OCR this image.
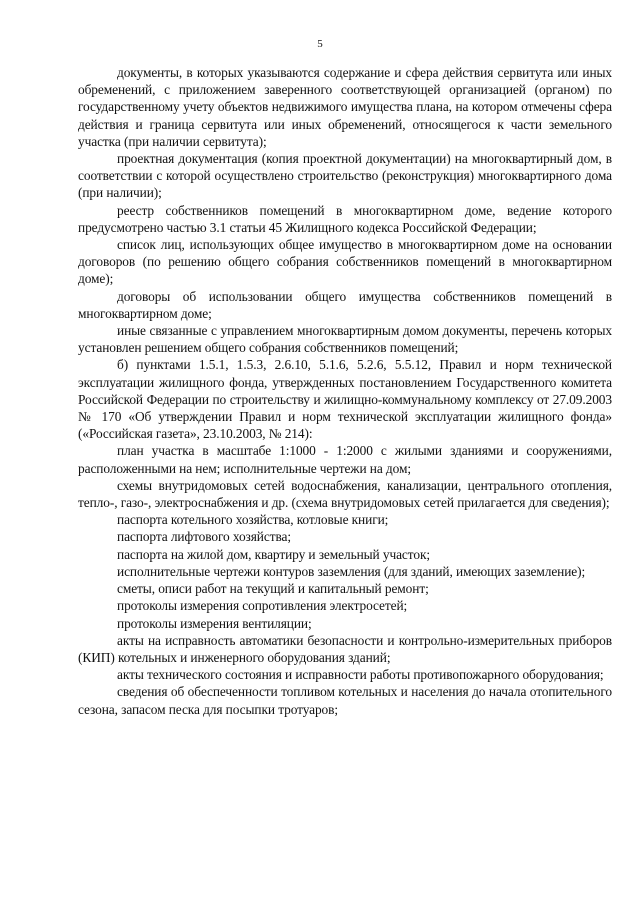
5

документы, в которых указываются содержание и сфера действия сервитута или иных обременений, с приложением заверенного соответствующей организацией (органом) по государственному учету объектов недвижимого имущества плана, на котором отмечены сфера действия и граница сервитута или иных обременений, относящегося к части земельного участка (при наличии сервитута);

проектная документация (копия проектной документации) на многоквартирный дом, в соответствии с которой осуществлено строительство (реконструкция) многоквартирного дома (при наличии);

реестр собственников помещений в многоквартирном доме, ведение которого предусмотрено частью 3.1 статьи 45 Жилищного кодекса Российской Федерации;

список лиц, использующих общее имущество в многоквартирном доме на основании договоров (по решению общего собрания собственников помещений в многоквартирном доме);

договоры об использовании общего имущества собственников помещений в многоквартирном доме;

иные связанные с управлением многоквартирным домом документы, перечень которых установлен решением общего собрания собственников помещений;

б) пунктами 1.5.1, 1.5.3, 2.6.10, 5.1.6, 5.2.6, 5.5.12, Правил и норм технической эксплуатации жилищного фонда, утвержденных постановлением Государственного комитета Российской Федерации по строительству и жилищно-коммунальному комплексу от 27.09.2003 № 170 «Об утверждении Правил и норм технической эксплуатации жилищного фонда» («Российская газета», 23.10.2003, № 214):

план участка в масштабе 1:1000 - 1:2000 с жилыми зданиями и сооружениями, расположенными на нем; исполнительные чертежи на дом;

схемы внутридомовых сетей водоснабжения, канализации, центрального отопления, тепло-, газо-, электроснабжения и др. (схема внутридомовых сетей прилагается для сведения);

паспорта котельного хозяйства, котловые книги;

паспорта лифтового хозяйства;

паспорта на жилой дом, квартиру и земельный участок;

исполнительные чертежи контуров заземления (для зданий, имеющих заземление);

сметы, описи работ на текущий и капитальный ремонт;

протоколы измерения сопротивления электросетей;

протоколы измерения вентиляции;

акты на исправность автоматики безопасности и контрольно-измерительных приборов (КИП) котельных и инженерного оборудования зданий;

акты технического состояния и исправности работы противопожарного оборудования;

сведения об обеспеченности топливом котельных и населения до начала отопительного сезона, запасом песка для посыпки тротуаров;
